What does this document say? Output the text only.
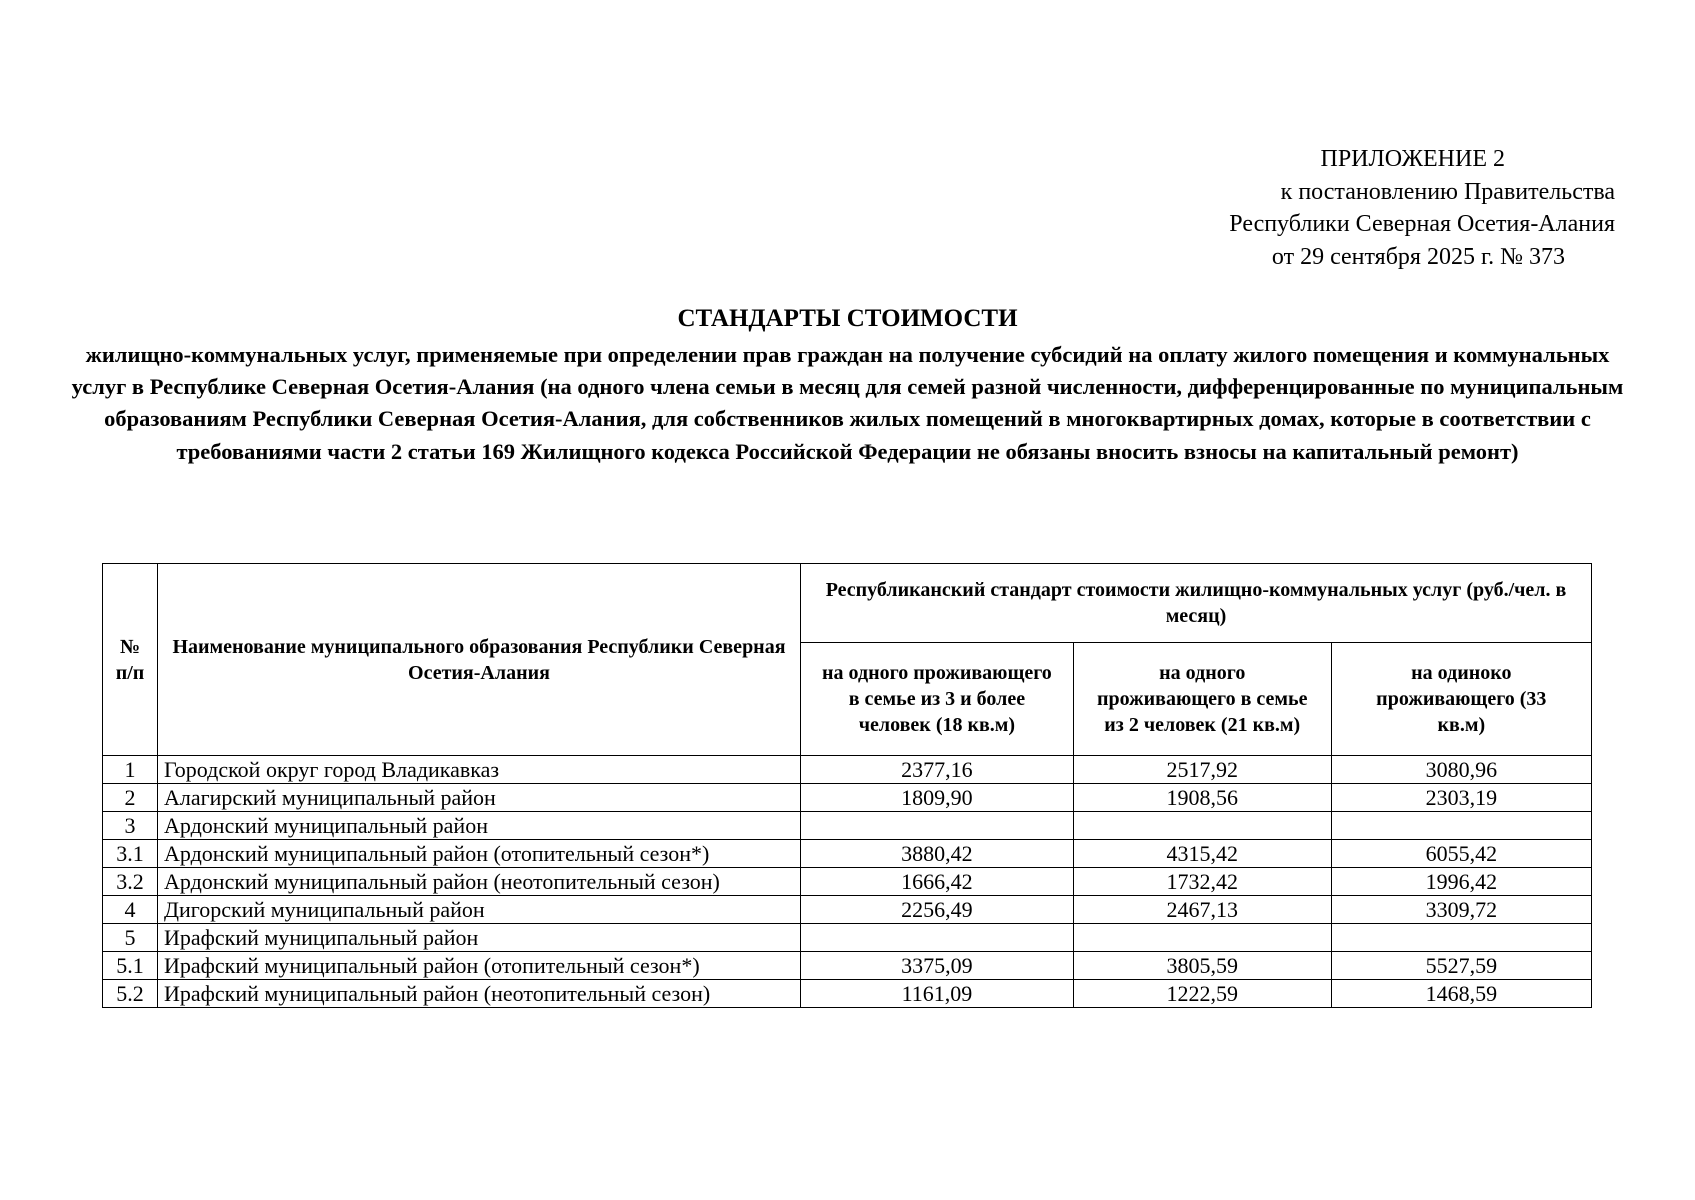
ПРИЛОЖЕНИЕ 2
к постановлению Правительства
Республики Северная Осетия-Алания
от 29 сентября 2025 г. № 373
СТАНДАРТЫ СТОИМОСТИ
жилищно-коммунальных услуг, применяемые при определении прав граждан на получение субсидий на оплату жилого помещения и коммунальных услуг в Республике Северная Осетия-Алания (на одного члена семьи в месяц для семей разной численности, дифференцированные по муниципальным образованиям Республики Северная Осетия-Алания, для собственников жилых помещений в многоквартирных домах, которые в соответствии с требованиями части 2 статьи 169 Жилищного кодекса Российской Федерации не обязаны вносить взносы на капитальный ремонт)
№ п/п	Наименование муниципального образования Республики Северная Осетия-Алания	Республиканский стандарт стоимости жилищно-коммунальных услуг (руб./чел. в месяц)		
		на одного проживающего в семье из 3 и более человек (18 кв.м)	на одного проживающего в семье из 2 человек (21 кв.м)	на одиноко проживающего (33 кв.м)
1	Городской округ город Владикавказ	2377,16	2517,92	3080,96
2	Алагирский муниципальный район	1809,90	1908,56	2303,19
3	Ардонский муниципальный район			
3.1	Ардонский муниципальный район (отопительный сезон*)	3880,42	4315,42	6055,42
3.2	Ардонский муниципальный район (неотопительный сезон)	1666,42	1732,42	1996,42
4	Дигорский муниципальный район	2256,49	2467,13	3309,72
5	Ирафский муниципальный район			
5.1	Ирафский муниципальный район (отопительный сезон*)	3375,09	3805,59	5527,59
5.2	Ирафский муниципальный район (неотопительный сезон)	1161,09	1222,59	1468,59
